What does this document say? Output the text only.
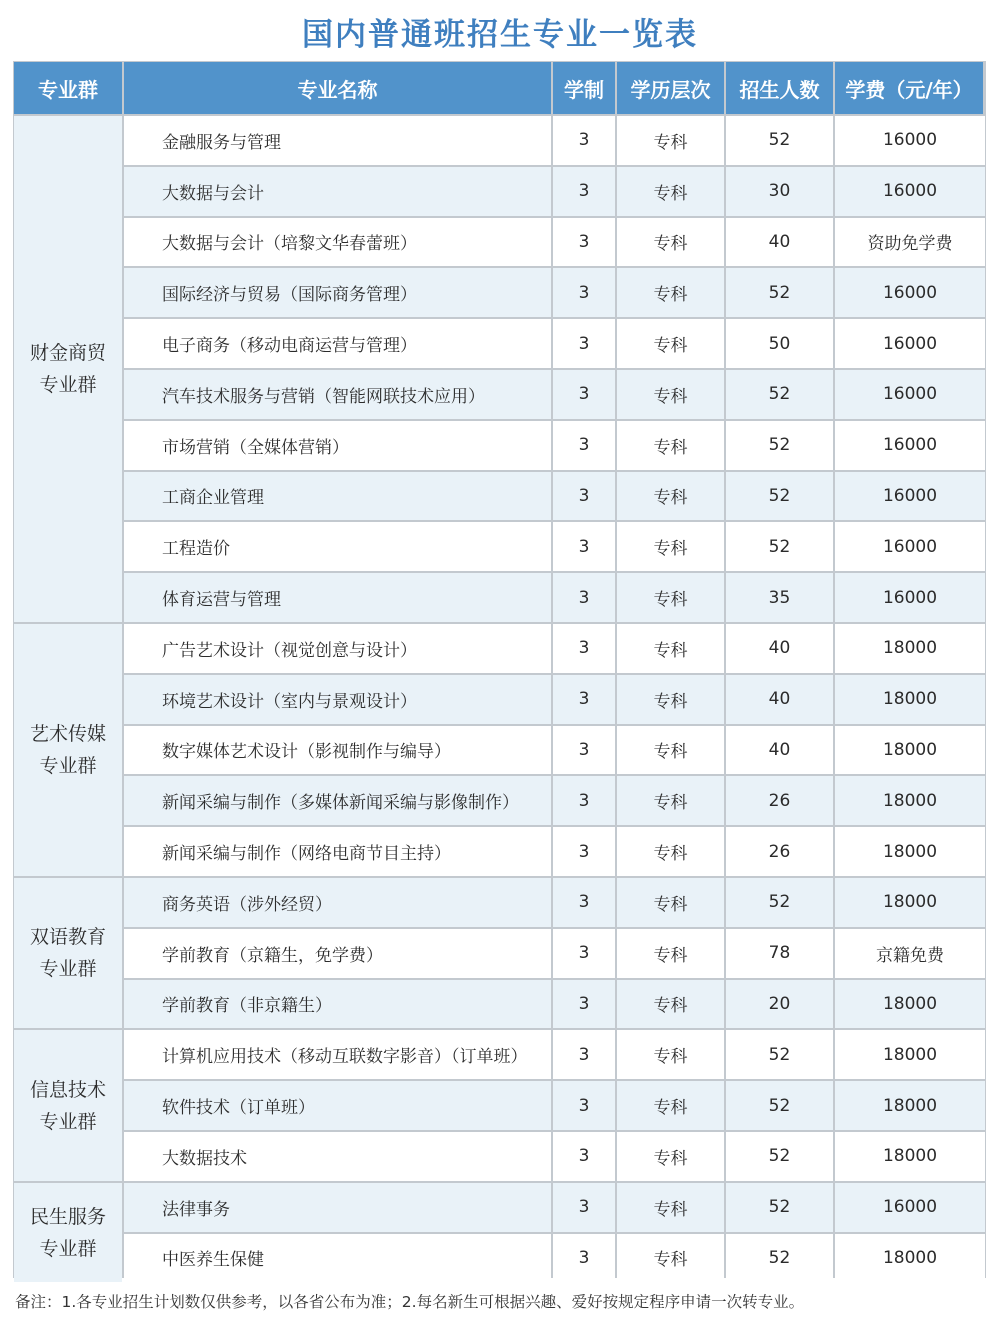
国内普通班招生专业一览表
专业群	专业名称	学制	学历层次	招生人数	学费（元/年）
财金商贸
专业群
金融服务与管理	3	专科	52	16000
大数据与会计	3	专科	30	16000
大数据与会计（培黎文华春蕾班）	3	专科	40	资助免学费
国际经济与贸易（国际商务管理）	3	专科	52	16000
电子商务（移动电商运营与管理）	3	专科	50	16000
汽车技术服务与营销（智能网联技术应用）	3	专科	52	16000
市场营销（全媒体营销）	3	专科	52	16000
工商企业管理	3	专科	52	16000
工程造价	3	专科	52	16000
体育运营与管理	3	专科	35	16000
艺术传媒
专业群
广告艺术设计（视觉创意与设计）	3	专科	40	18000
环境艺术设计（室内与景观设计）	3	专科	40	18000
数字媒体艺术设计（影视制作与编导）	3	专科	40	18000
新闻采编与制作（多媒体新闻采编与影像制作）	3	专科	26	18000
新闻采编与制作（网络电商节目主持）	3	专科	26	18000
双语教育
专业群
商务英语（涉外经贸）	3	专科	52	18000
学前教育（京籍生，免学费）	3	专科	78	京籍免费
学前教育（非京籍生）	3	专科	20	18000
信息技术
专业群
计算机应用技术（移动互联数字影音）（订单班）	3	专科	52	18000
软件技术（订单班）	3	专科	52	18000
大数据技术	3	专科	52	18000
民生服务
专业群
法律事务	3	专科	52	16000
中医养生保健	3	专科	52	18000
备注：1.各专业招生计划数仅供参考，以各省公布为准；2.每名新生可根据兴趣、爱好按规定程序申请一次转专业。
